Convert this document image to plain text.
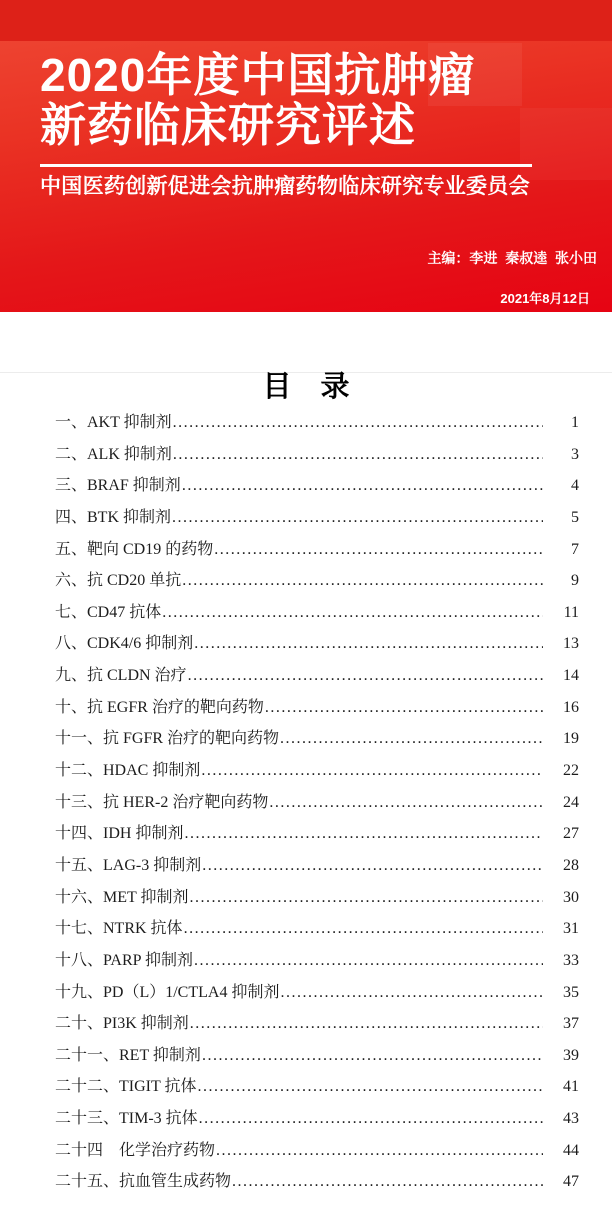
2020年度中国抗肿瘤
新药临床研究评述
中国医药创新促进会抗肿瘤药物临床研究专业委员会
主编：李进  秦叔逵  张小田
2021年8月12日
目　录
一、AKT 抑制剂 .....	1
二、ALK 抑制剂 .....	3
三、BRAF 抑制剂 .....	4
四、BTK 抑制剂 .....	5
五、靶向 CD19 的药物 .....	7
六、抗 CD20 单抗 .....	9
七、CD47 抗体 .....	11
八、CDK4/6 抑制剂 .....	13
九、抗 CLDN 治疗 .....	14
十、抗 EGFR 治疗的靶向药物 .....	16
十一、抗 FGFR 治疗的靶向药物 .....	19
十二、HDAC 抑制剂 .....	22
十三、抗 HER-2 治疗靶向药物 .....	24
十四、IDH 抑制剂 .....	27
十五、LAG-3 抑制剂 .....	28
十六、MET 抑制剂 .....	30
十七、NTRK 抗体 .....	31
十八、PARP 抑制剂 .....	33
十九、PD（L）1/CTLA4 抑制剂 .....	35
二十、PI3K 抑制剂 .....	37
二十一、RET 抑制剂 .....	39
二十二、TIGIT 抗体 .....	41
二十三、TIM-3 抗体 .....	43
二十四　化学治疗药物 .....	44
二十五、抗血管生成药物 .....	47
